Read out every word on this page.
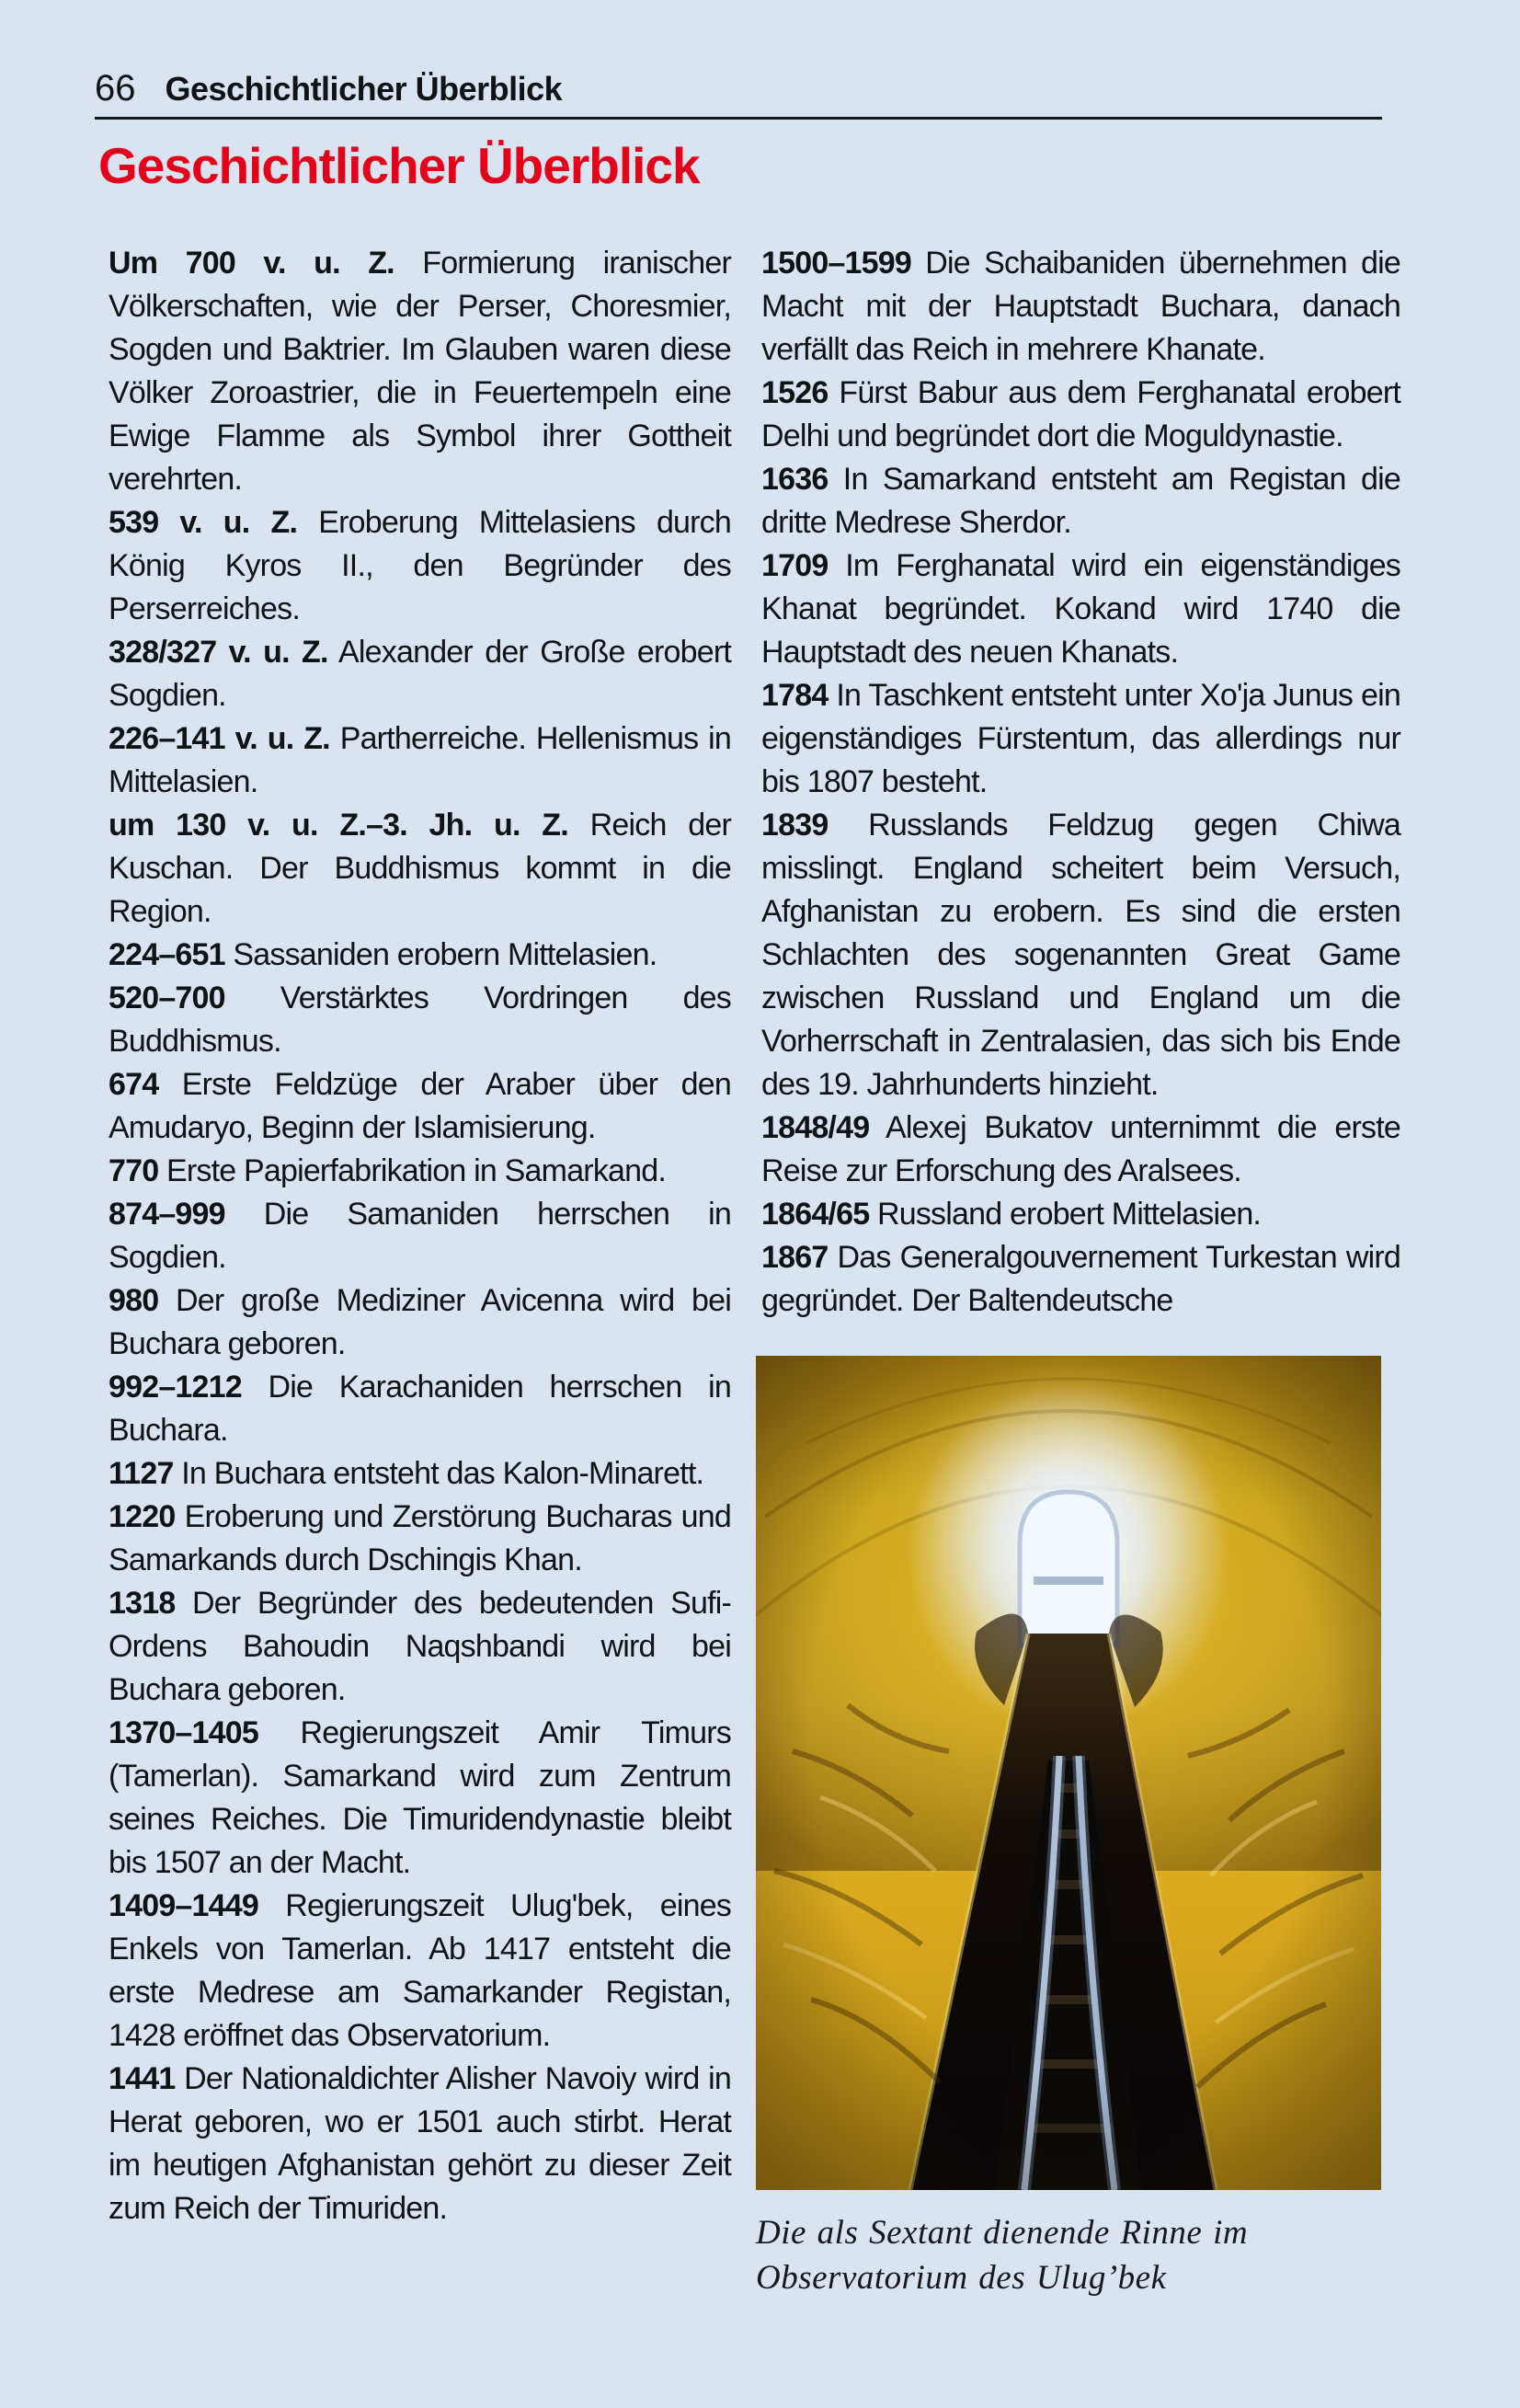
66 Geschichtlicher Überblick
Geschichtlicher Überblick

Um 700 v. u. Z. Formierung iranischer Völkerschaften, wie der Perser, Choresmier, Sogden und Baktrier. Im Glauben waren diese Völker Zoroastrier, die in Feuertempeln eine Ewige Flamme als Symbol ihrer Gottheit verehrten.

539 v. u. Z. Eroberung Mittelasiens durch König Kyros II., den Begründer des Perserreiches.

328/327 v. u. Z. Alexander der Große erobert Sogdien.

226–141 v. u. Z. Partherreiche. Hellenismus in Mittelasien.

um 130 v. u. Z.–3. Jh. u. Z. Reich der Kuschan. Der Buddhismus kommt in die Region.

224–651 Sassaniden erobern Mittelasien.

520–700 Verstärktes Vordringen des Buddhismus.

674 Erste Feldzüge der Araber über den Amudaryo, Beginn der Islamisierung.

770 Erste Papierfabrikation in Samarkand.

874–999 Die Samaniden herrschen in Sogdien.

980 Der große Mediziner Avicenna wird bei Buchara geboren.

992–1212 Die Karachaniden herrschen in Buchara.

1127 In Buchara entsteht das Kalon-Minarett.

1220 Eroberung und Zerstörung Bucharas und Samarkands durch Dschingis Khan.

1318 Der Begründer des bedeutenden Sufi-Ordens Bahoudin Naqshbandi wird bei Buchara geboren.

1370–1405 Regierungszeit Amir Timurs (Tamerlan). Samarkand wird zum Zentrum seines Reiches. Die Timuridendynastie bleibt bis 1507 an der Macht.

1409–1449 Regierungszeit Ulug'bek, eines Enkels von Tamerlan. Ab 1417 entsteht die erste Medrese am Samarkander Registan, 1428 eröffnet das Observatorium.

1441 Der Nationaldichter Alisher Navoiy wird in Herat geboren, wo er 1501 auch stirbt. Herat im heutigen Afghanistan gehört zu dieser Zeit zum Reich der Timuriden.

1500–1599 Die Schaibaniden übernehmen die Macht mit der Hauptstadt Buchara, danach verfällt das Reich in mehrere Khanate.

1526 Fürst Babur aus dem Ferghanatal erobert Delhi und begründet dort die Moguldynastie.

1636 In Samarkand entsteht am Registan die dritte Medrese Sherdor.

1709 Im Ferghanatal wird ein eigenständiges Khanat begründet. Kokand wird 1740 die Hauptstadt des neuen Khanats.

1784 In Taschkent entsteht unter Xo'ja Junus ein eigenständiges Fürstentum, das allerdings nur bis 1807 besteht.

1839 Russlands Feldzug gegen Chiwa misslingt. England scheitert beim Versuch, Afghanistan zu erobern. Es sind die ersten Schlachten des sogenannten Great Game zwischen Russland und England um die Vorherrschaft in Zentralasien, das sich bis Ende des 19. Jahrhunderts hinzieht.

1848/49 Alexej Bukatov unternimmt die erste Reise zur Erforschung des Aralsees.

1864/65 Russland erobert Mittelasien.

1867 Das Generalgouvernement Turkestan wird gegründet. Der Baltendeutsche

Die als Sextant dienende Rinne im
Observatorium des Ulug’bek
